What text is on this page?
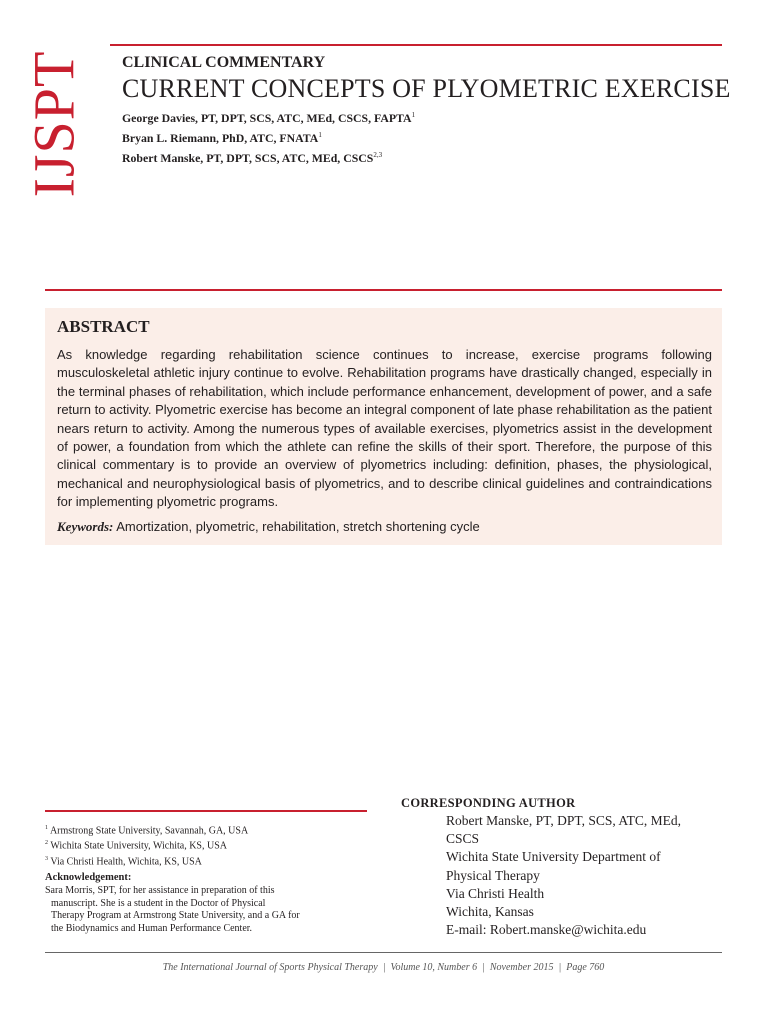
IJSPT CLINICAL COMMENTARY
CURRENT CONCEPTS OF PLYOMETRIC EXERCISE
George Davies, PT, DPT, SCS, ATC, MEd, CSCS, FAPTA$^1$
Bryan L. Riemann, PhD, ATC, FNATA$^1$
Robert Manske, PT, DPT, SCS, ATC, MEd, CSCS$^{2,3}$
ABSTRACT
As knowledge regarding rehabilitation science continues to increase, exercise programs following musculoskeletal athletic injury continue to evolve. Rehabilitation programs have drastically changed, especially in the terminal phases of rehabilitation, which include performance enhancement, development of power, and a safe return to activity. Plyometric exercise has become an integral component of late phase rehabilitation as the patient nears return to activity. Among the numerous types of available exercises, plyometrics assist in the development of power, a foundation from which the athlete can refine the skills of their sport. Therefore, the purpose of this clinical commentary is to provide an overview of plyometrics including: definition, phases, the physiological, mechanical and neurophysiological basis of plyometrics, and to describe clinical guidelines and contraindications for implementing plyometric programs.
Keywords: Amortization, plyometric, rehabilitation, stretch shortening cycle
$^1$ Armstrong State University, Savannah, GA, USA
$^2$ Wichita State University, Wichita, KS, USA
$^3$ Via Christi Health, Wichita, KS, USA
Acknowledgement:
Sara Morris, SPT, for her assistance in preparation of this
manuscript. She is a student in the Doctor of Physical
Therapy Program at Armstrong State University, and a GA for
the Biodynamics and Human Performance Center.
CORRESPONDING AUTHOR
Robert Manske, PT, DPT, SCS, ATC, MEd,
CSCS
Wichita State University Department of
Physical Therapy
Via Christi Health
Wichita, Kansas
E-mail: Robert.manske@wichita.edu
The International Journal of Sports Physical Therapy  |  Volume 10, Number 6  |  November 2015  |  Page 760
